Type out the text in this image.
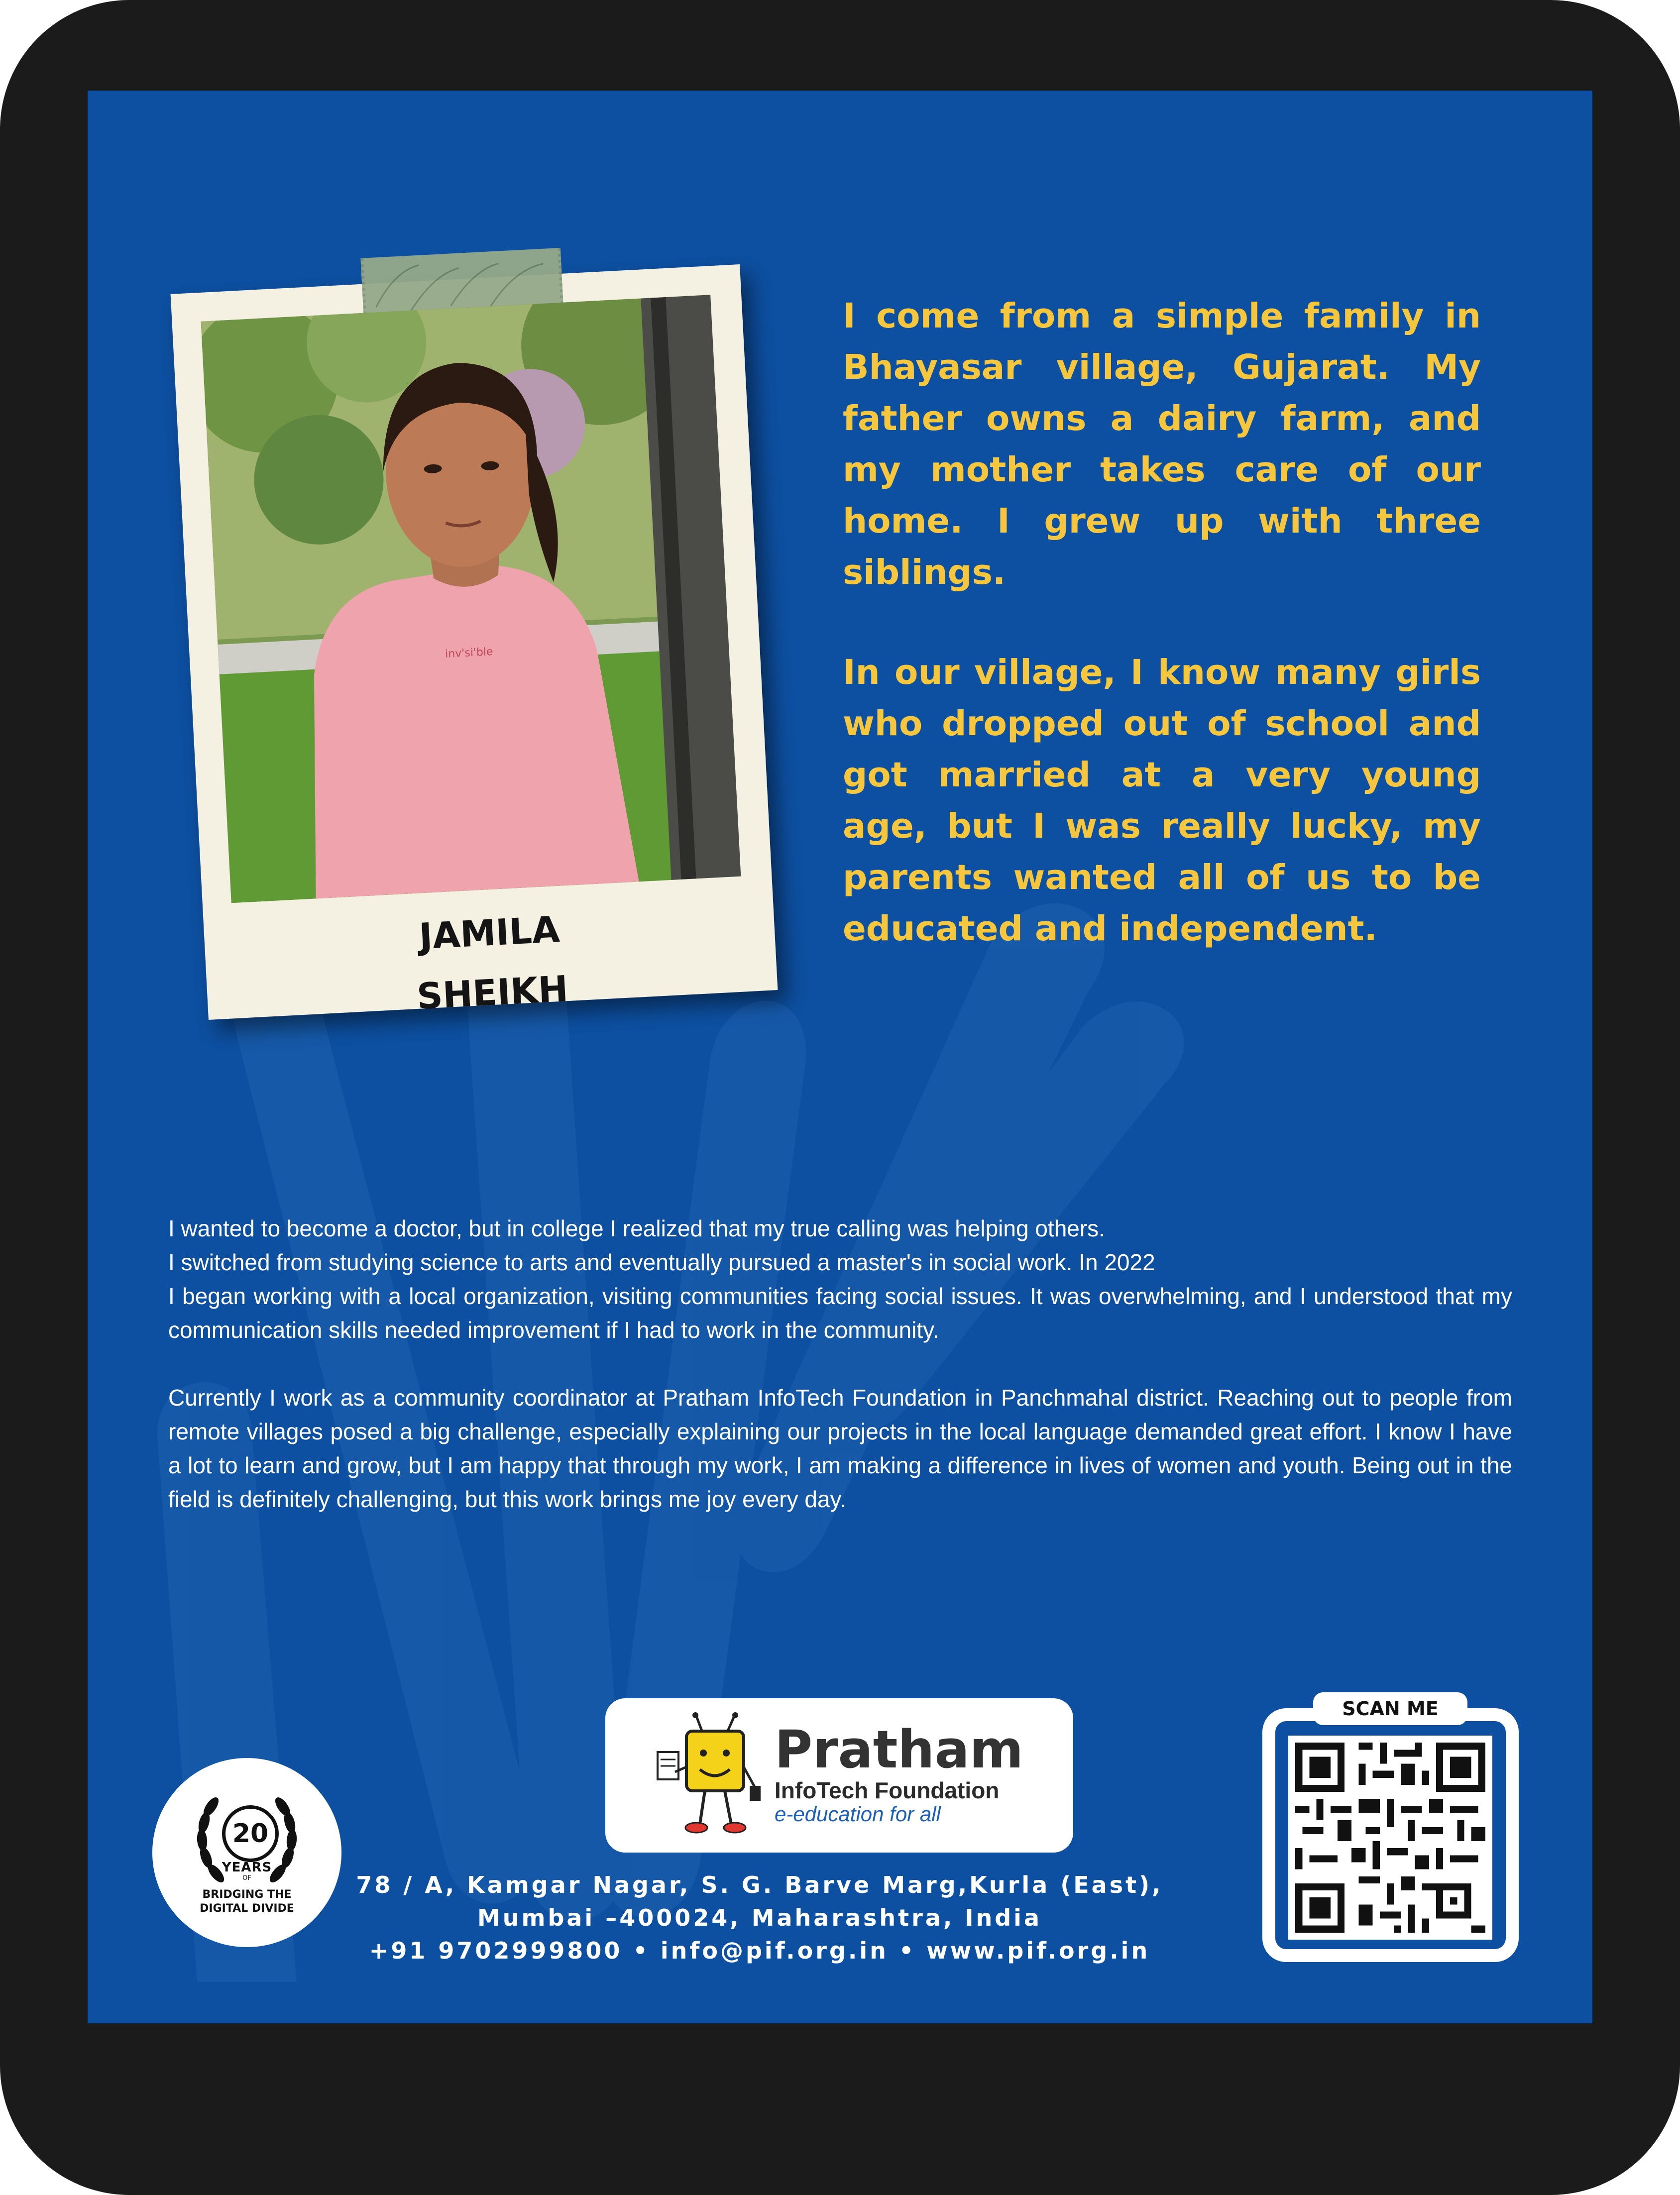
I come from a simple family in Bhayasar village, Gujarat. My father owns a dairy farm, and my mother takes care of our home. I grew up with three siblings.

In our village, I know many girls who dropped out of school and got married at a very young age, but I was really lucky, my parents wanted all of us to be educated and independent.

I wanted to become a doctor, but in college I realized that my true calling was helping others.
I switched from studying science to arts and eventually pursued a master's in social work. In 2022
I began working with a local organization, visiting communities facing social issues. It was overwhelming, and I understood that my communication skills needed improvement if I had to work in the community.

Currently I work as a community coordinator at Pratham InfoTech Foundation in Panchmahal district. Reaching out to people from remote villages posed a big challenge, especially explaining our projects in the local language demanded great effort. I know I have a lot to learn and grow, but I am happy that through my work, I am making a difference in lives of women and youth. Being out in the field is definitely challenging, but this work brings me joy every day.

Pratham
InfoTech Foundation
e-education for all

78 / A, Kamgar Nagar, S. G. Barve Marg,Kurla (East),

Mumbai –400024, Maharashtra, India

+91 9702999800 • info@pif.org.in • www.pif.org.in

20
YEARS
OF
BRIDGING THE
DIGITAL DIVIDE
SCAN ME
inv'si'ble
JAMILA
SHEIKH
